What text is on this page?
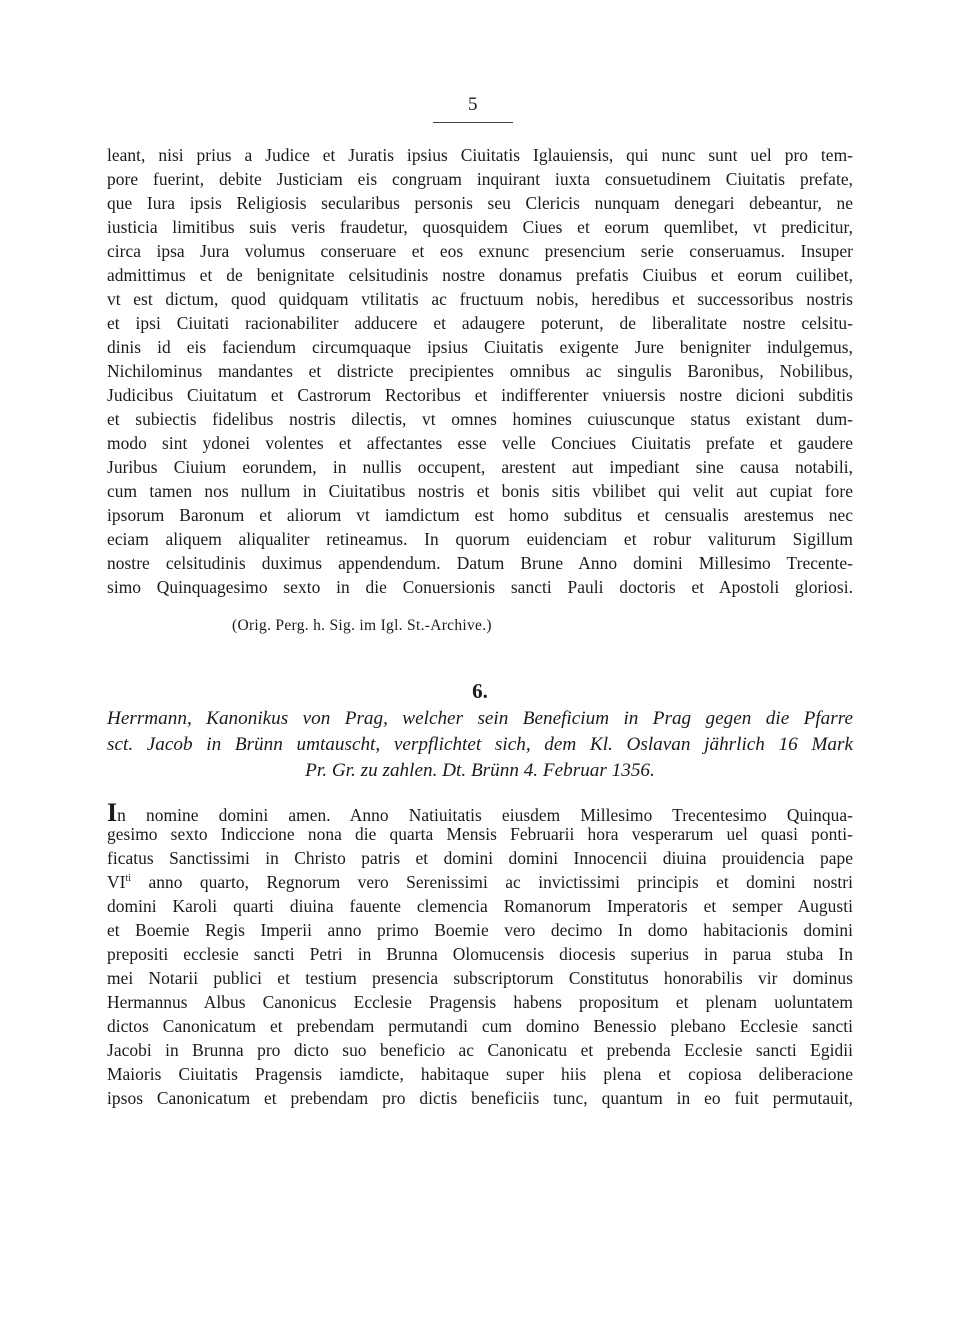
5
leant, nisi prius a Judice et Juratis ipsius Ciuitatis Iglauiensis, qui nunc sunt uel pro tem-
pore fuerint, debite Justiciam eis congruam inquirant iuxta consuetudinem Ciuitatis prefate,
que Iura ipsis Religiosis secularibus personis seu Clericis nunquam denegari debeantur, ne
iusticia limitibus suis veris fraudetur, quosquidem Ciues et eorum quemlibet, vt predicitur,
circa ipsa Jura volumus conseruare et eos exnunc presencium serie conseruamus. Insuper
admittimus et de benignitate celsitudinis nostre donamus prefatis Ciuibus et eorum cuilibet,
vt est dictum, quod quidquam vtilitatis ac fructuum nobis, heredibus et successoribus nostris
et ipsi Ciuitati racionabiliter adducere et adaugere poterunt, de liberalitate nostre celsitu-
dinis id eis faciendum circumquaque ipsius Ciuitatis exigente Jure benigniter indulgemus,
Nichilominus mandantes et districte precipientes omnibus ac singulis Baronibus, Nobilibus,
Judicibus Ciuitatum et Castrorum Rectoribus et indifferenter vniuersis nostre dicioni subditis
et subiectis fidelibus nostris dilectis, vt omnes homines cuiuscunque status existant dum-
modo sint ydonei volentes et affectantes esse velle Conciues Ciuitatis prefate et gaudere
Juribus Ciuium eorundem, in nullis occupent, arestent aut impediant sine causa notabili,
cum tamen nos nullum in Ciuitatibus nostris et bonis sitis vbilibet qui velit aut cupiat fore
ipsorum Baronum et aliorum vt iamdictum est homo subditus et censualis arestemus nec
eciam aliquem aliqualiter retineamus. In quorum euidenciam et robur valiturum Sigillum
nostre celsitudinis duximus appendendum. Datum Brune Anno domini Millesimo Trecente-
simo Quinquagesimo sexto in die Conuersionis sancti Pauli doctoris et Apostoli gloriosi.
(Orig. Perg. h. Sig. im Igl. St.-Archive.)
6.
Herrmann, Kanonikus von Prag, welcher sein Beneficium in Prag gegen die Pfarre
sct. Jacob in Brünn umtauscht, verpflichtet sich, dem Kl. Oslavan jährlich 16 Mark
Pr. Gr. zu zahlen. Dt. Brünn 4. Februar 1356.
In nomine domini amen. Anno Natiuitatis eiusdem Millesimo Trecentesimo Quinqua-
gesimo sexto Indiccione nona die quarta Mensis Februarii hora vesperarum uel quasi ponti-
ficatus Sanctissimi in Christo patris et domini domini Innocencii diuina prouidencia pape
$VI^{ti}$ anno quarto, Regnorum vero Serenissimi ac invictissimi principis et domini nostri
domini Karoli quarti diuina fauente clemencia Romanorum Imperatoris et semper Augusti
et Boemie Regis Imperii anno primo Boemie vero decimo In domo habitacionis domini
prepositi ecclesie sancti Petri in Brunna Olomucensis diocesis superius in parua stuba In
mei Notarii publici et testium presencia subscriptorum Constitutus honorabilis vir dominus
Hermannus Albus Canonicus Ecclesie Pragensis habens propositum et plenam uoluntatem
dictos Canonicatum et prebendam permutandi cum domino Benessio plebano Ecclesie sancti
Jacobi in Brunna pro dicto suo beneficio ac Canonicatu et prebenda Ecclesie sancti Egidii
Maioris Ciuitatis Pragensis iamdicte, habitaque super hiis plena et copiosa deliberacione
ipsos Canonicatum et prebendam pro dictis beneficiis tunc, quantum in eo fuit permutauit,
